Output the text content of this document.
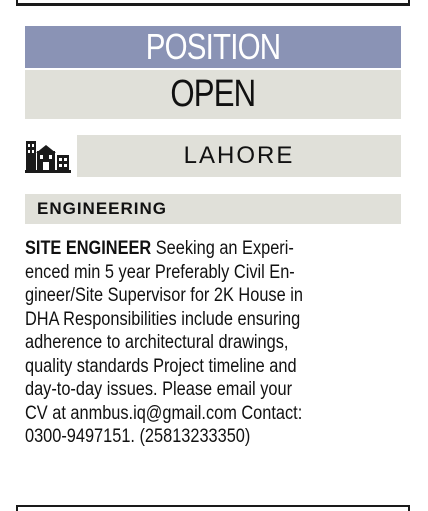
POSITION
OPEN
LAHORE
ENGINEERING
SITE ENGINEER Seeking an Experi-
enced min 5 year Preferably Civil En-
gineer/Site Supervisor for 2K House in
DHA Responsibilities include ensuring
adherence to architectural drawings,
quality standards Project timeline and
day-to-day issues. Please email your
CV at anmbus.iq@gmail.com Contact:
0300-9497151. (25813233350)
